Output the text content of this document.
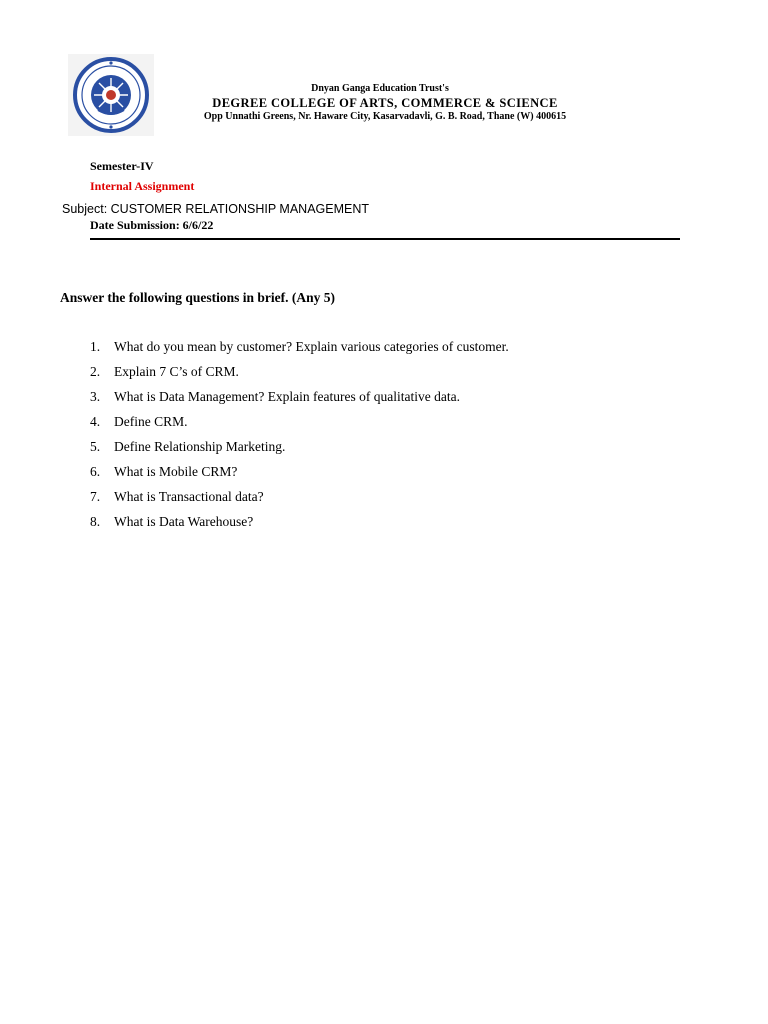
Dnyan Ganga Education Trust's
DEGREE COLLEGE OF ARTS, COMMERCE & SCIENCE
Opp Unnathi Greens, Nr. Haware City, Kasarvadavli, G. B. Road, Thane (W) 400615
Semester-IV
Internal Assignment
Subject: CUSTOMER RELATIONSHIP MANAGEMENT
Date Submission: 6/6/22
Answer the following questions in brief. (Any 5)
1. What do you mean by customer? Explain various categories of customer.
2. Explain 7 C’s of CRM.
3. What is Data Management? Explain features of qualitative data.
4. Define CRM.
5. Define Relationship Marketing.
6. What is Mobile CRM?
7. What is Transactional data?
8. What is Data Warehouse?
